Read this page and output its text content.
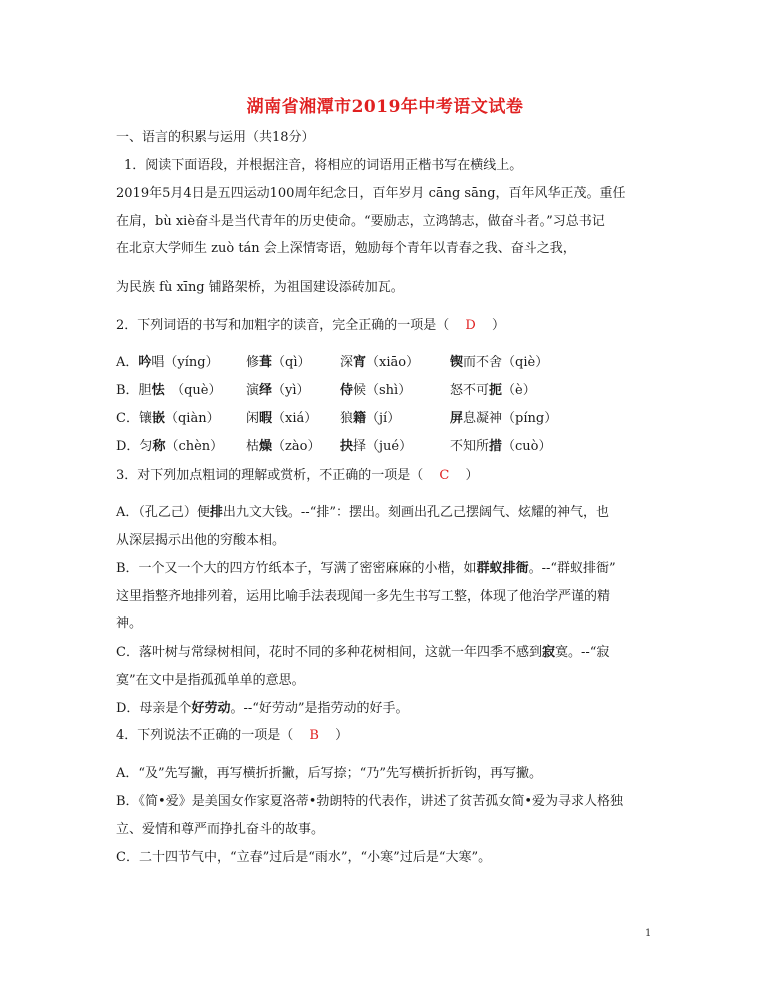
湖南省湘潭市2019年中考语文试卷
一、语言的积累与运用（共18分）
1．阅读下面语段，并根据注音，将相应的词语用正楷书写在横线上。
2019年5月4日是五四运动100周年纪念日，百年岁月 cāng sāng，百年风华正茂。重任
在肩，bù xiè奋斗是当代青年的历史使命。“要励志，立鸿鹄志，做奋斗者。”习总书记
在北京大学师生 zuò tán 会上深情寄语，勉励每个青年以青春之我、奋斗之我，
为民族 fù xīng 铺路架桥，为祖国建设添砖加瓦。
2．下列词语的书写和加粗字的读音，完全正确的一项是（ D ）
A．吟唱（yíng） 修葺（qì） 深宵（xiāo） 锲而不舍（qiè）
B．胆怯　（què） 演绎（yì） 侍候（shì）	怒不可扼（è）
C．镶嵌（qiàn） 闲暇（xiá） 狼籍（jí）	屏息凝神（píng）
D．匀称（chèn） 枯燥（zào） 抉择（jué）	不知所措（cuò）
3．对下列加点粗词的理解或赏析，不正确的一项是（ C ）
A．（孔乙己）便排出九文大钱。--“排”：摆出。刻画出孔乙己摆阔气、炫耀的神气，也
从深层揭示出他的穷酸本相。
B．一个又一个大的四方竹纸本子，写满了密密麻麻的小楷，如群蚁排衙。--“群蚁排衙”
这里指整齐地排列着，运用比喻手法表现闻一多先生书写工整，体现了他治学严谨的精
神。
C．落叶树与常绿树相间，花时不同的多种花树相间，这就一年四季不感到寂寞。--“寂
寞”在文中是指孤孤单单的意思。
D．母亲是个好劳动。--“好劳动”是指劳动的好手。
4．下列说法不正确的一项是（ B ）
A．“及”先写撇，再写横折折撇，后写捺；“乃”先写横折折折钩，再写撇。
B．《简•爱》是美国女作家夏洛蒂•勃朗特的代表作，讲述了贫苦孤女简•爱为寻求人格独
立、爱情和尊严而挣扎奋斗的故事。
C．二十四节气中，“立春”过后是“雨水”，“小寒”过后是“大寒”。
1
